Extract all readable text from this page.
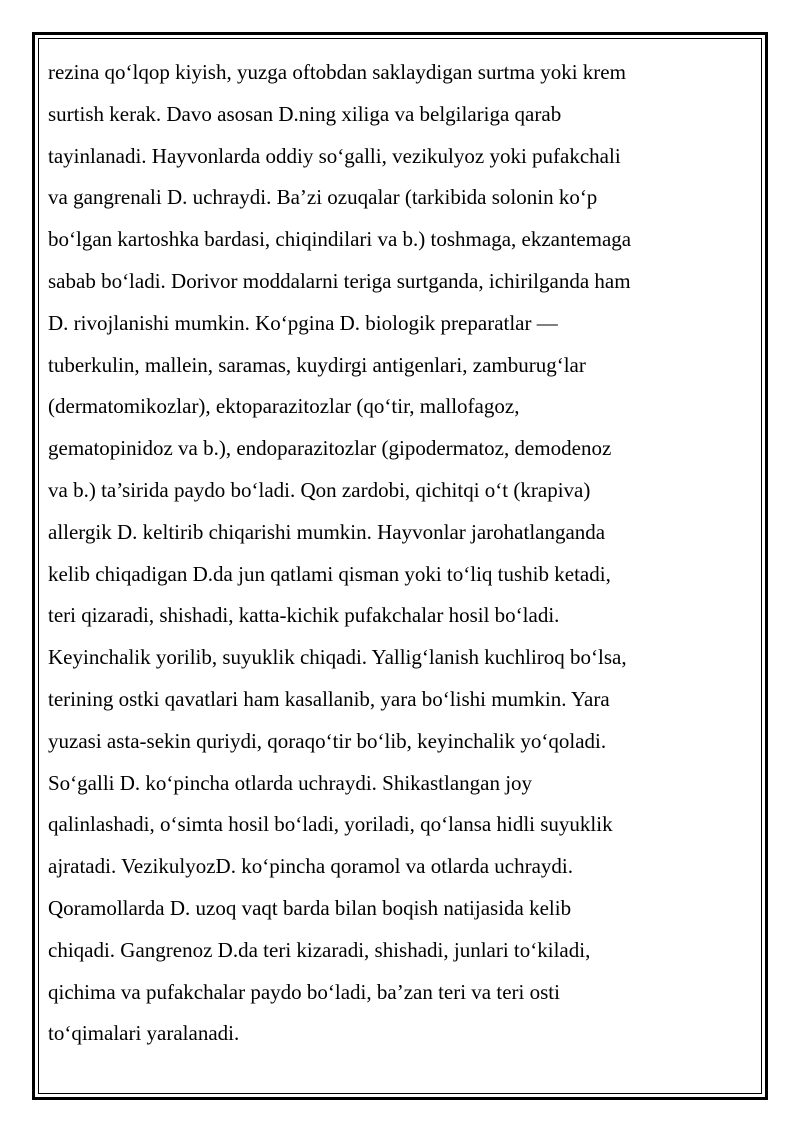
rezina qo‘lqop kiyish, yuzga oftobdan saklaydigan surtma yoki krem
surtish kerak. Davo asosan D.ning xiliga va belgilariga qarab
tayinlanadi. Hayvonlarda oddiy so‘galli, vezikulyoz yoki pufakchali
va gangrenali D. uchraydi. Ba’zi ozuqalar (tarkibida solonin ko‘p
bo‘lgan kartoshka bardasi, chiqindilari va b.) toshmaga, ekzantemaga
sabab bo‘ladi. Dorivor moddalarni teriga surtganda, ichirilganda ham
D. rivojlanishi mumkin. Ko‘pgina D. biologik preparatlar —
tuberkulin, mallein, saramas, kuydirgi antigenlari, zamburug‘lar
(dermatomikozlar), ektoparazitozlar (qo‘tir, mallofagoz,
gematopinidoz va b.), endoparazitozlar (gipodermatoz, demodenoz
va b.) ta’sirida paydo bo‘ladi. Qon zardobi, qichitqi o‘t (krapiva)
allergik D. keltirib chiqarishi mumkin. Hayvonlar jarohatlanganda
kelib chiqadigan D.da jun qatlami qisman yoki to‘liq tushib ketadi,
teri qizaradi, shishadi, katta-kichik pufakchalar hosil bo‘ladi.
Keyinchalik yorilib, suyuklik chiqadi. Yallig‘lanish kuchliroq bo‘lsa,
terining ostki qavatlari ham kasallanib, yara bo‘lishi mumkin. Yara
yuzasi asta-sekin quriydi, qoraqo‘tir bo‘lib, keyinchalik yo‘qoladi.
So‘galli D. ko‘pincha otlarda uchraydi. Shikastlangan joy
qalinlashadi, o‘simta hosil bo‘ladi, yoriladi, qo‘lansa hidli suyuklik
ajratadi. VezikulyozD. ko‘pincha qoramol va otlarda uchraydi.
Qoramollarda D. uzoq vaqt barda bilan boqish natijasida kelib
chiqadi. Gangrenoz D.da teri kizaradi, shishadi, junlari to‘kiladi,
qichima va pufakchalar paydo bo‘ladi, ba’zan teri va teri osti
to‘qimalari yaralanadi.
